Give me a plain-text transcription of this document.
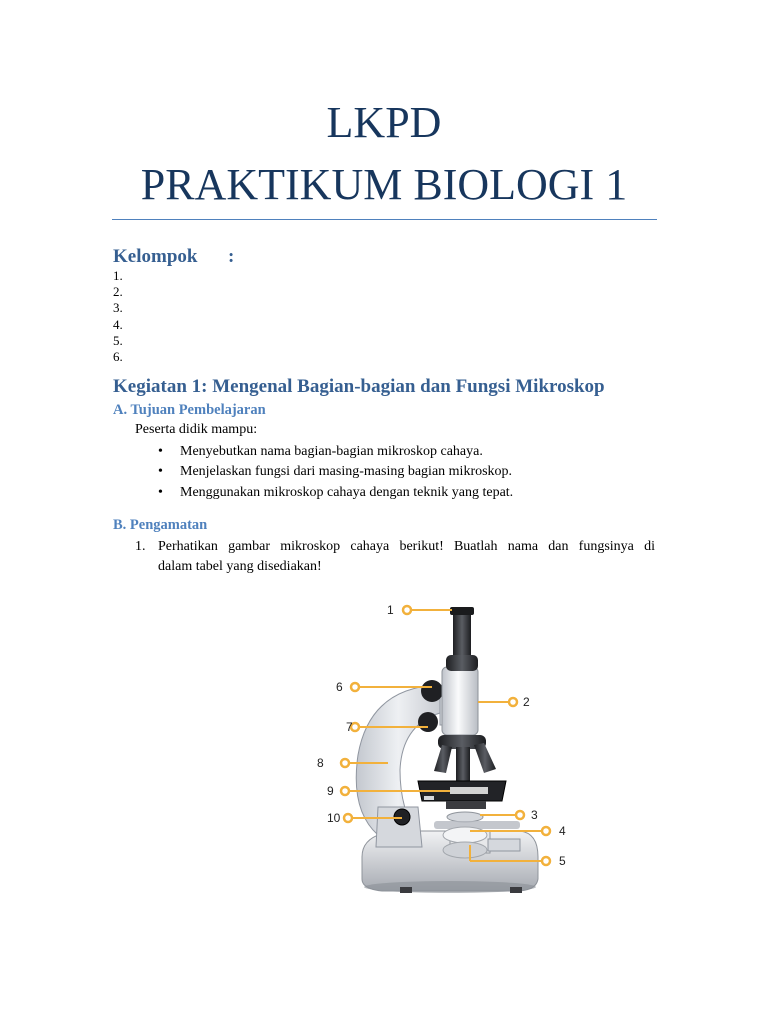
LKPD
PRAKTIKUM BIOLOGI 1
Kelompok :
1.
2.
3.
4.
5.
6.
Kegiatan 1: Mengenal Bagian-bagian dan Fungsi Mikroskop
A. Tujuan Pembelajaran
Peserta didik mampu:
• Menyebutkan nama bagian-bagian mikroskop cahaya.
• Menjelaskan fungsi dari masing-masing bagian mikroskop.
• Menggunakan mikroskop cahaya dengan teknik yang tepat.
B. Pengamatan
1. Perhatikan gambar mikroskop cahaya berikut! Buatlah nama dan fungsinya di
dalam tabel yang disediakan!
1
6
2
7
8
9
10	3
4
5
